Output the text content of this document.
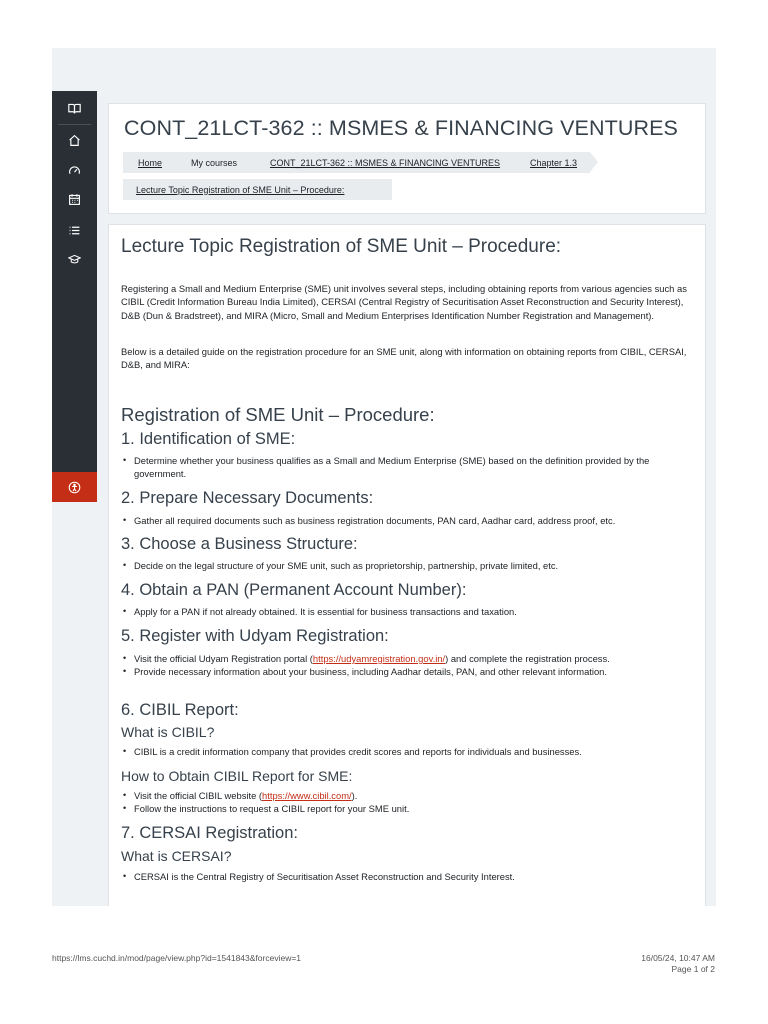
CONT_21LCT-362 :: MSMES & FINANCING VENTURES
Home	My courses	CONT_21LCT-362 :: MSMES & FINANCING VENTURES	Chapter 1.3
Lecture Topic Registration of SME Unit – Procedure:
Lecture Topic Registration of SME Unit – Procedure:

Registering a Small and Medium Enterprise (SME) unit involves several steps, including obtaining reports from various agencies such as CIBIL (Credit Information Bureau India Limited), CERSAI (Central Registry of Securitisation Asset Reconstruction and Security Interest), D&B (Dun & Bradstreet), and MIRA (Micro, Small and Medium Enterprises Identification Number Registration and Management).

Below is a detailed guide on the registration procedure for an SME unit, along with information on obtaining reports from CIBIL, CERSAI, D&B, and MIRA:

Registration of SME Unit – Procedure:
1. Identification of SME:
• Determine whether your business qualifies as a Small and Medium Enterprise (SME) based on the definition provided by the government.
2. Prepare Necessary Documents:
• Gather all required documents such as business registration documents, PAN card, Aadhar card, address proof, etc.
3. Choose a Business Structure:
• Decide on the legal structure of your SME unit, such as proprietorship, partnership, private limited, etc.
4. Obtain a PAN (Permanent Account Number):
• Apply for a PAN if not already obtained. It is essential for business transactions and taxation.
5. Register with Udyam Registration:
• Visit the official Udyam Registration portal (https://udyamregistration.gov.in/) and complete the registration process.
• Provide necessary information about your business, including Aadhar details, PAN, and other relevant information.
6. CIBIL Report:
What is CIBIL?
• CIBIL is a credit information company that provides credit scores and reports for individuals and businesses.
How to Obtain CIBIL Report for SME:
• Visit the official CIBIL website (https://www.cibil.com/).
• Follow the instructions to request a CIBIL report for your SME unit.
7. CERSAI Registration:
What is CERSAI?
• CERSAI is the Central Registry of Securitisation Asset Reconstruction and Security Interest.
https://lms.cuchd.in/mod/page/view.php?id=1541843&forceview=1	16/05/24, 10:47 AM
Page 1 of 2
